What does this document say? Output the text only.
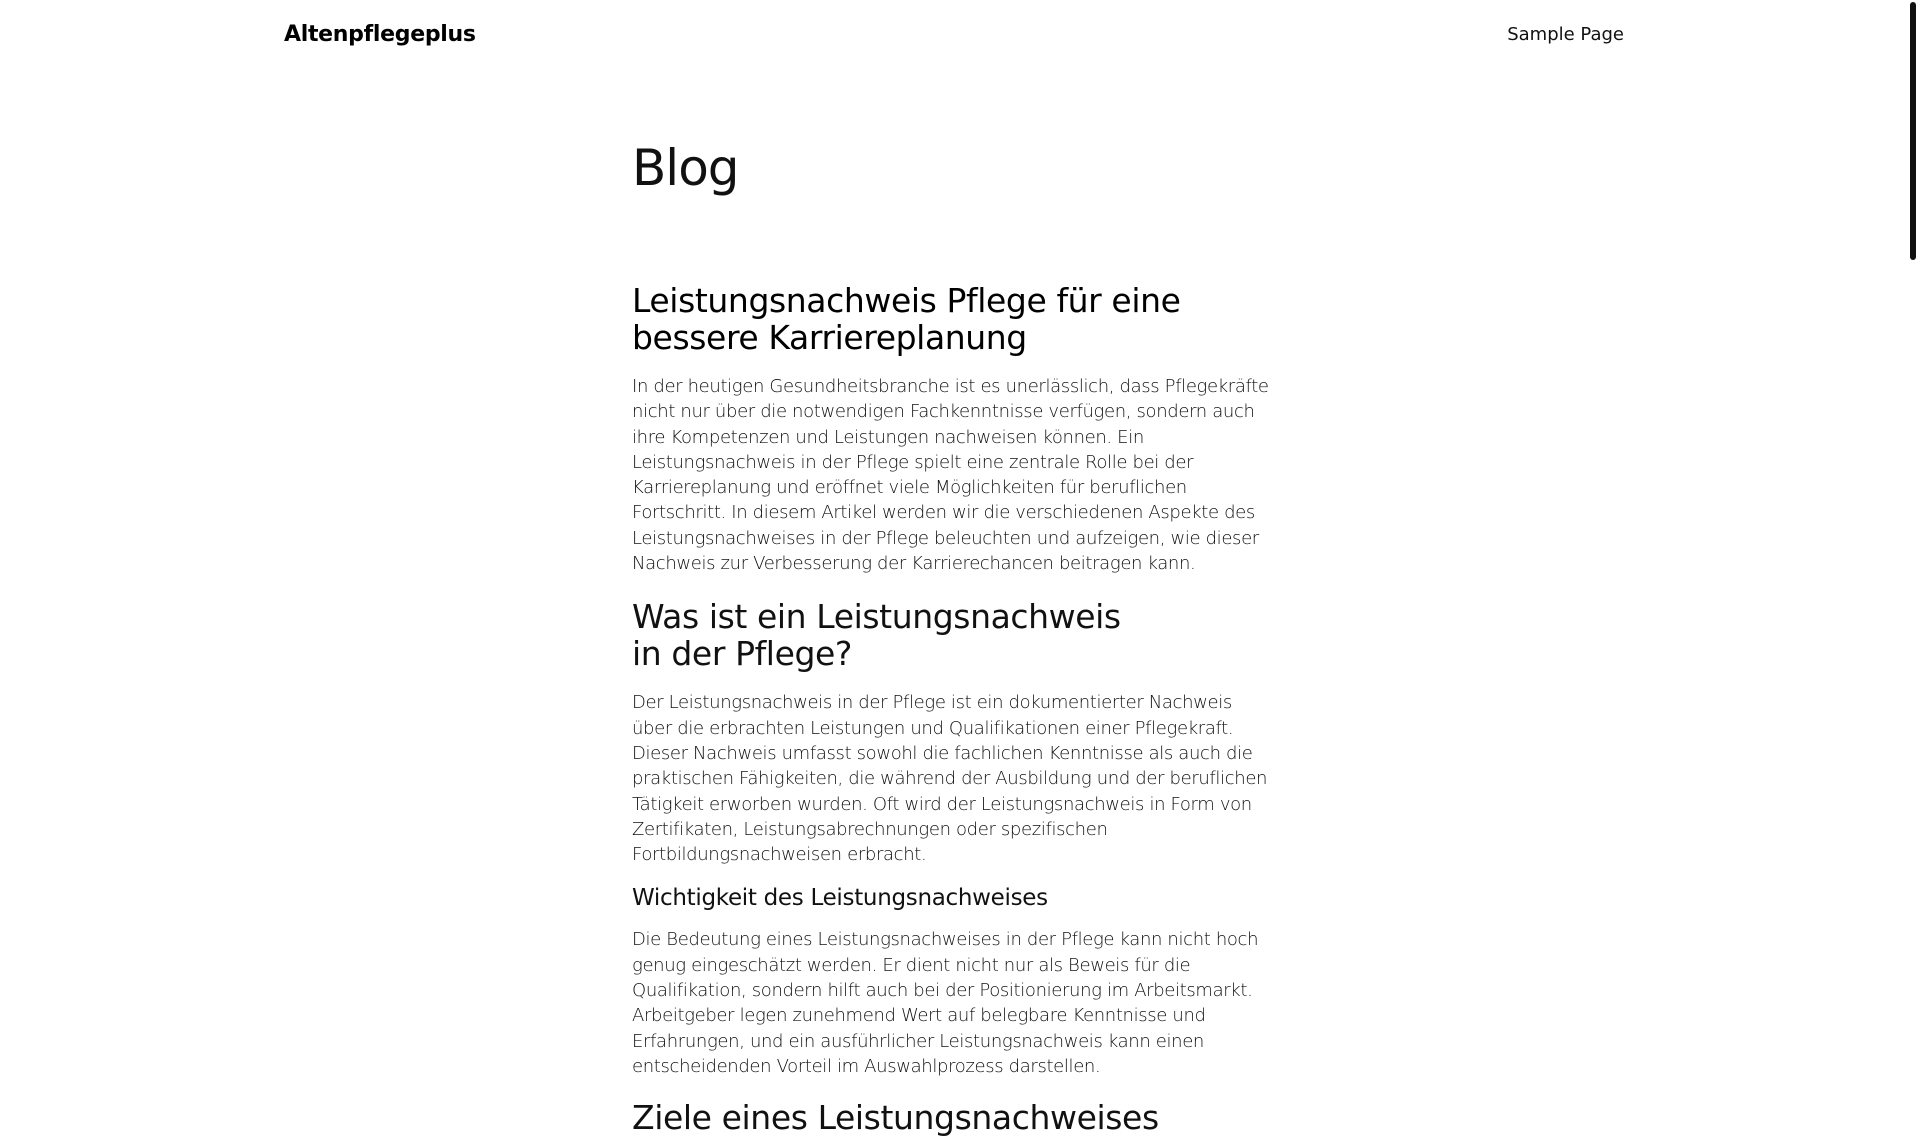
Altenpflegeplus	Sample Page
Blog
Leistungsnachweis Pflege für eine bessere Karriereplanung

In der heutigen Gesundheitsbranche ist es unerlässlich, dass Pflegekräfte nicht nur über die notwendigen Fachkenntnisse verfügen, sondern auch ihre Kompetenzen und Leistungen nachweisen können. Ein Leistungsnachweis in der Pflege spielt eine zentrale Rolle bei der Karriereplanung und eröffnet viele Möglichkeiten für beruflichen Fortschritt. In diesem Artikel werden wir die verschiedenen Aspekte des Leistungsnachweises in der Pflege beleuchten und aufzeigen, wie dieser Nachweis zur Verbesserung der Karrierechancen beitragen kann.

Was ist ein Leistungsnachweis in der Pflege?

Der Leistungsnachweis in der Pflege ist ein dokumentierter Nachweis über die erbrachten Leistungen und Qualifikationen einer Pflegekraft. Dieser Nachweis umfasst sowohl die fachlichen Kenntnisse als auch die praktischen Fähigkeiten, die während der Ausbildung und der beruflichen Tätigkeit erworben wurden. Oft wird der Leistungsnachweis in Form von Zertifikaten, Leistungsabrechnungen oder spezifischen Fortbildungsnachweisen erbracht.

Wichtigkeit des Leistungsnachweises

Die Bedeutung eines Leistungsnachweises in der Pflege kann nicht hoch genug eingeschätzt werden. Er dient nicht nur als Beweis für die Qualifikation, sondern hilft auch bei der Positionierung im Arbeitsmarkt. Arbeitgeber legen zunehmend Wert auf belegbare Kenntnisse und Erfahrungen, und ein ausführlicher Leistungsnachweis kann einen entscheidenden Vorteil im Auswahlprozess darstellen.

Ziele eines Leistungsnachweises
